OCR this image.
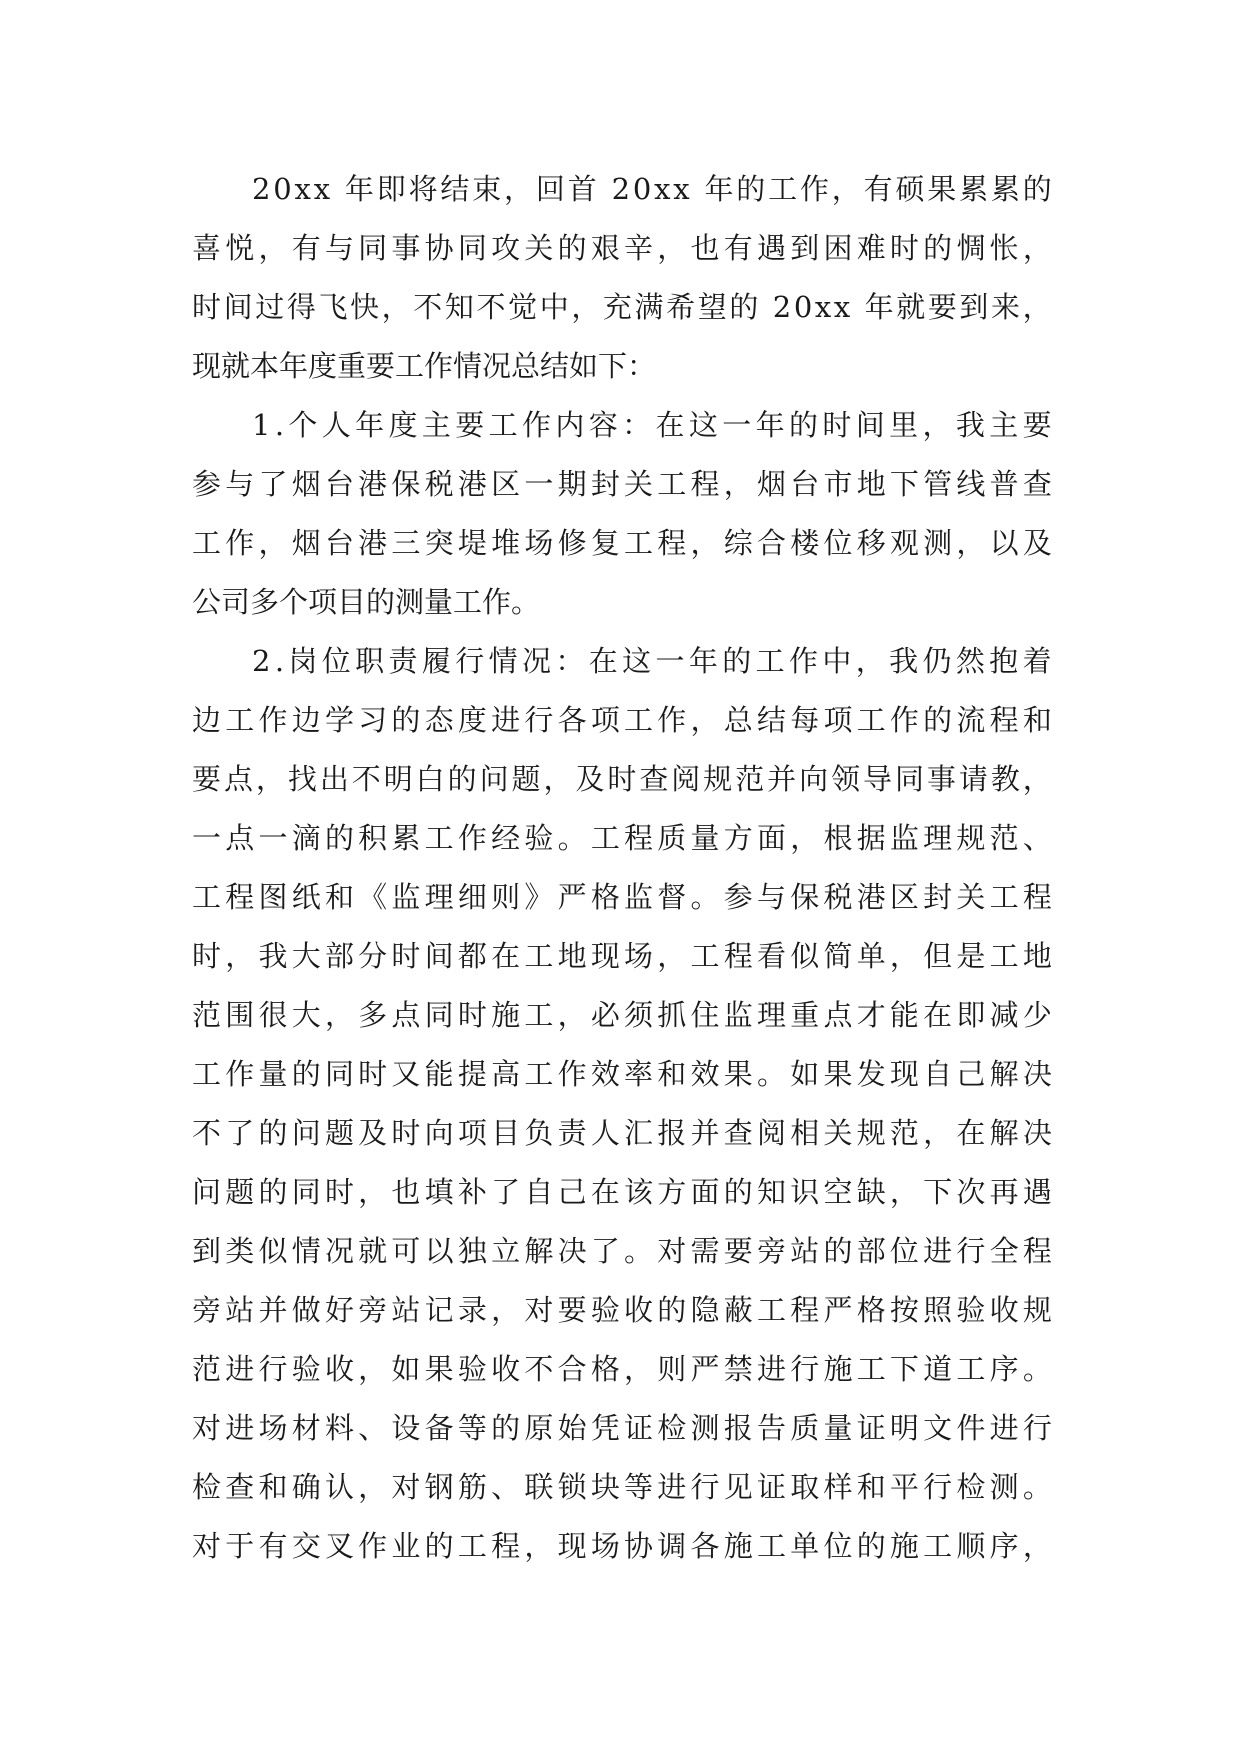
2 0 x x
年 即 将 结 束 ， 回 首
2 0 x x
年 的 工 作 ， 有 硕 果 累 累 的
喜 悦 ， 有 与 同 事 协 同 攻 关 的 艰 辛 ， 也 有 遇 到 困 难 时 的 惆 怅 ，
时 间 过 得 飞 快 ， 不 知 不 觉 中 ， 充 满 希 望 的
2 0 x x
年 就 要 到 来 ，
现就本年度重要工作情况总结如下：
1 . 个 人 年 度 主 要 工 作 内 容 ： 在 这 一 年 的 时 间 里 ， 我 主 要
参 与 了 烟 台 港 保 税 港 区 一 期 封 关 工 程 ， 烟 台 市 地 下 管 线 普 查
工 作 ， 烟 台 港 三 突 堤 堆 场 修 复 工 程 ， 综 合 楼 位 移 观 测 ， 以 及
公司多个项目的测量工作。
2 . 岗 位 职 责 履 行 情 况 ： 在 这 一 年 的 工 作 中 ， 我 仍 然 抱 着
边 工 作 边 学 习 的 态 度 进 行 各 项 工 作 ， 总 结 每 项 工 作 的 流 程 和
要 点 ， 找 出 不 明 白 的 问 题 ， 及 时 查 阅 规 范 并 向 领 导 同 事 请 教 ，
一 点 一 滴 的 积 累 工 作 经 验 。 工 程 质 量 方 面 ， 根 据 监 理 规 范 、
工 程 图 纸 和 《 监 理 细 则 》 严 格 监 督 。 参 与 保 税 港 区 封 关 工 程
时 ， 我 大 部 分 时 间 都 在 工 地 现 场 ， 工 程 看 似 简 单 ， 但 是 工 地
范 围 很 大 ， 多 点 同 时 施 工 ， 必 须 抓 住 监 理 重 点 才 能 在 即 减 少
工 作 量 的 同 时 又 能 提 高 工 作 效 率 和 效 果 。 如 果 发 现 自 己 解 决
不 了 的 问 题 及 时 向 项 目 负 责 人 汇 报 并 查 阅 相 关 规 范 ， 在 解 决
问 题 的 同 时 ， 也 填 补 了 自 己 在 该 方 面 的 知 识 空 缺 ， 下 次 再 遇
到 类 似 情 况 就 可 以 独 立 解 决 了 。 对 需 要 旁 站 的 部 位 进 行 全 程
旁 站 并 做 好 旁 站 记 录 ， 对 要 验 收 的 隐 蔽 工 程 严 格 按 照 验 收 规
范 进 行 验 收 ， 如 果 验 收 不 合 格 ， 则 严 禁 进 行 施 工 下 道 工 序 。
对 进 场 材 料 、 设 备 等 的 原 始 凭 证 检 测 报 告 质 量 证 明 文 件 进 行
检 查 和 确 认 ， 对 钢 筋 、 联 锁 块 等 进 行 见 证 取 样 和 平 行 检 测 。
对 于 有 交 叉 作 业 的 工 程 ， 现 场 协 调 各 施 工 单 位 的 施 工 顺 序 ，
